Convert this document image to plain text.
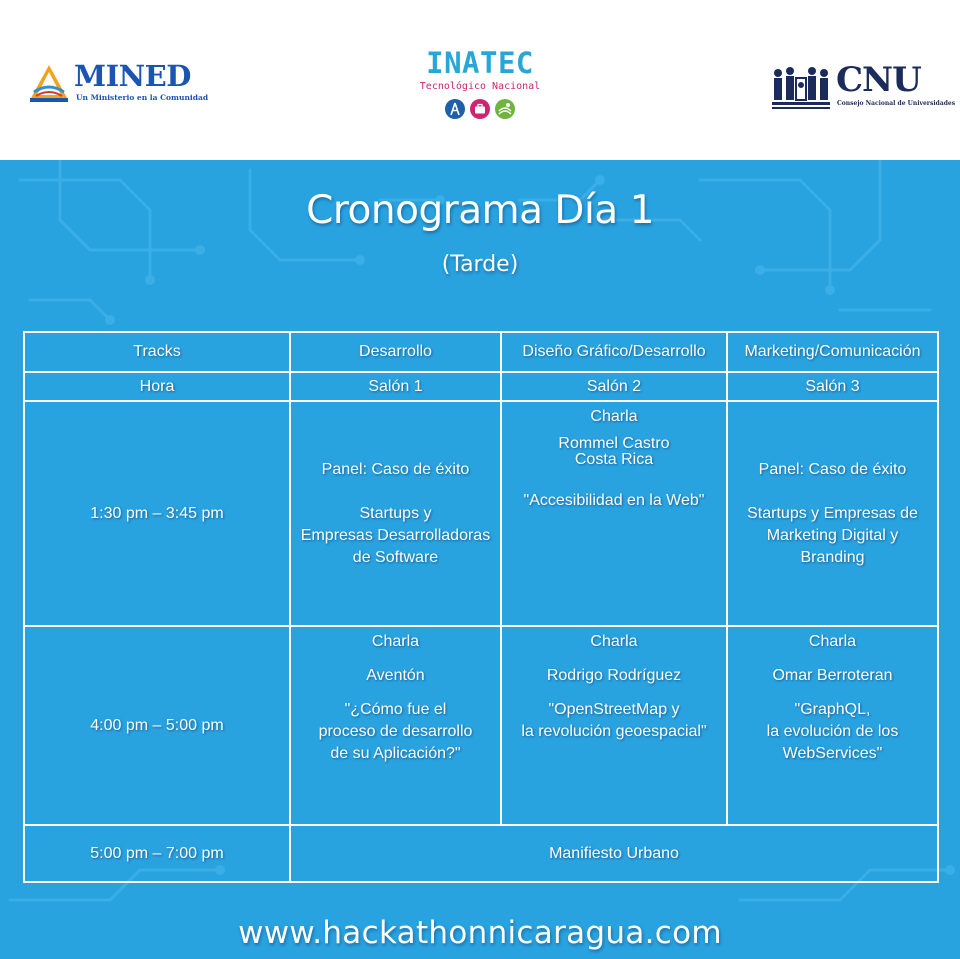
MINED
Un Ministerio en la Comunidad
INATEC
Tecnológico Nacional	CNU
Consejo Nacional de Universidades
Cronograma Día 1
(Tarde)
Tracks	Desarrollo	Diseño Gráfico/Desarrollo	Marketing/Comunicación
Hora	Salón 1	Salón 2	Salón 3
1:30 pm – 3:45 pm	Panel: Caso de éxito

Startups y
Empresas Desarrolladoras
de Software	Charla
Rommel Castro
Costa Rica
"Accesibilidad en la Web"	Panel: Caso de éxito

Startups y Empresas de
Marketing Digital y
Branding
4:00 pm – 5:00 pm	Charla
Aventón
"¿Cómo fue el
proceso de desarrollo
de su Aplicación?"	Charla
Rodrigo Rodríguez
"OpenStreetMap y
la revolución geoespacial"	Charla
Omar Berroteran
"GraphQL,
la evolución de los
WebServices"
5:00 pm – 7:00 pm	Manifiesto Urbano		
www.hackathonnicaragua.com
